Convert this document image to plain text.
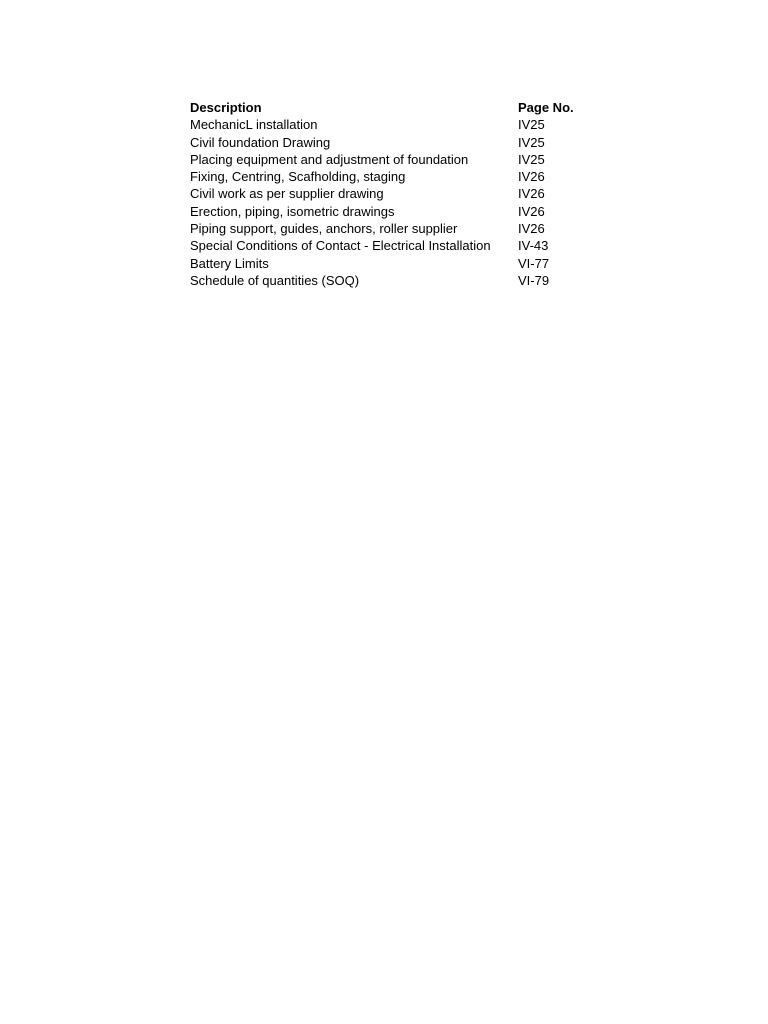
Description	Page No.
MechanicL installation	IV25
Civil foundation Drawing	IV25
Placing equipment and adjustment of foundation	IV25
Fixing, Centring, Scafholding, staging	IV26
Civil work as per supplier drawing	IV26
Erection, piping, isometric drawings	IV26
Piping support, guides, anchors, roller supplier	IV26
Special Conditions of Contact - Electrical Installation	IV-43
Battery Limits	VI-77
Schedule of quantities (SOQ)	VI-79
